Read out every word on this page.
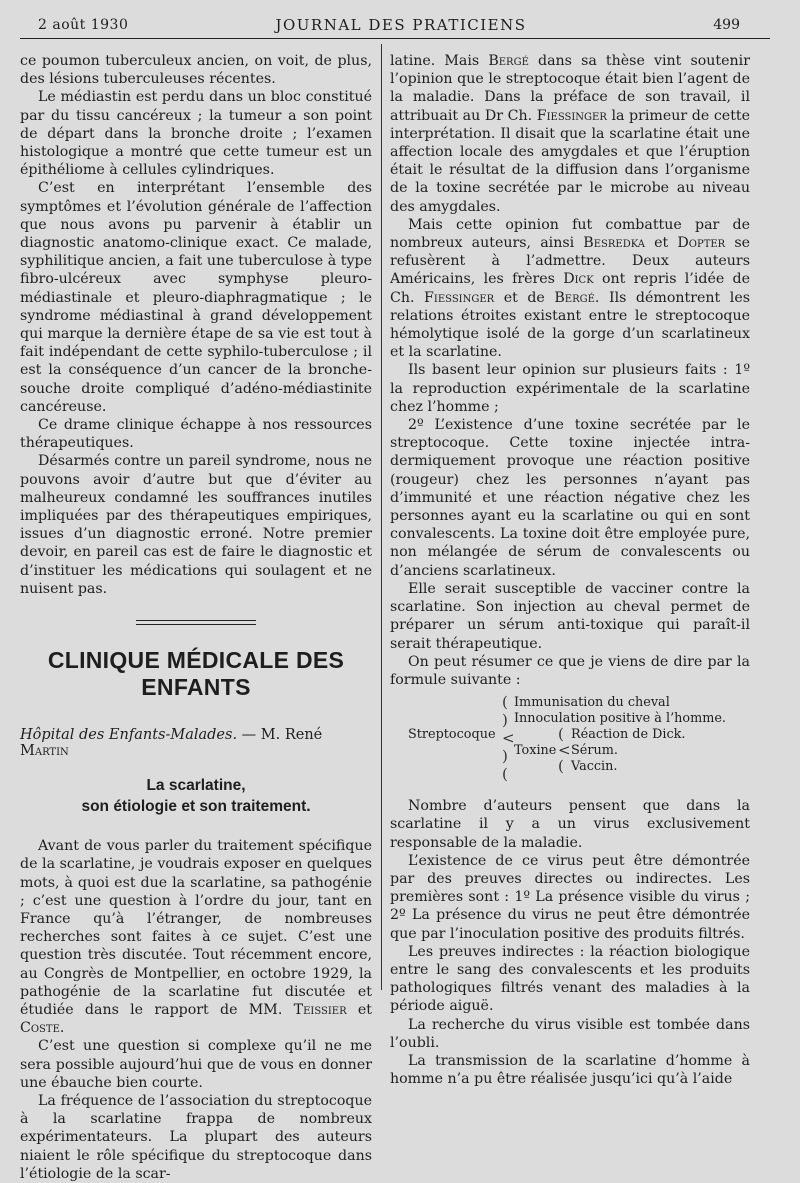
2 août 1930	JOURNAL DES PRATICIENS	499

ce poumon tuberculeux ancien, on voit, de plus, des lésions tuberculeuses récentes.

Le médiastin est perdu dans un bloc constitué par du tissu cancéreux ; la tumeur a son point de départ dans la bronche droite ; l’examen histologique a montré que cette tumeur est un épithéliome à cellules cylindriques.

C’est en interprétant l’ensemble des symptômes et l’évolution générale de l’affection que nous avons pu parvenir à établir un diagnostic anatomo-clinique exact. Ce malade, syphilitique ancien, a fait une tuberculose à type fibro-ulcéreux avec symphyse pleuro-médiastinale et pleuro-diaphragmatique ; le syndrome médiastinal à grand développement qui marque la dernière étape de sa vie est tout à fait indépendant de cette syphilo-tuberculose ; il est la conséquence d’un cancer de la bronche-souche droite compliqué d’adéno-médiastinite cancéreuse.

Ce drame clinique échappe à nos ressources thérapeutiques.

Désarmés contre un pareil syndrome, nous ne pouvons avoir d’autre but que d’éviter au malheureux condamné les souffrances inutiles impliquées par des thérapeutiques empiriques, issues d’un diagnostic erroné. Notre premier devoir, en pareil cas est de faire le diagnostic et d’instituer les médications qui soulagent et ne nuisent pas.

CLINIQUE MÉDICALE DES ENFANTS
Hôpital des Enfants-Malades. — M. René Martin
La scarlatine,
son étiologie et son traitement.

Avant de vous parler du traitement spécifique de la scarlatine, je voudrais exposer en quelques mots, à quoi est due la scarlatine, sa pathogénie ; c’est une question à l’ordre du jour, tant en France qu’à l’étranger, de nombreuses recherches sont faites à ce sujet. C’est une question très discutée. Tout récemment encore, au Congrès de Montpellier, en octobre 1929, la pathogénie de la scarlatine fut discutée et étudiée dans le rapport de MM. Teissier et Coste.

C’est une question si complexe qu’il ne me sera possible aujourd’hui que de vous en donner une ébauche bien courte.

La fréquence de l’association du streptocoque à la scarlatine frappa de nombreux expérimentateurs. La plupart des auteurs niaient le rôle spécifique du streptocoque dans l’étiologie de la scar-

latine. Mais Bergé dans sa thèse vint soutenir l’opinion que le streptocoque était bien l’agent de la maladie. Dans la préface de son travail, il attribuait au Dr Ch. Fiessinger la primeur de cette interprétation. Il disait que la scarlatine était une affection locale des amygdales et que l’éruption était le résultat de la diffusion dans l’organisme de la toxine secrétée par le microbe au niveau des amygdales.

Mais cette opinion fut combattue par de nombreux auteurs, ainsi Besredka et Dopter se refusèrent à l’admettre. Deux auteurs Américains, les frères Dick ont repris l’idée de Ch. Fiessinger et de Bergé. Ils démontrent les relations étroites existant entre le streptocoque hémolytique isolé de la gorge d’un scarlatineux et la scarlatine.

Ils basent leur opinion sur plusieurs faits : 1º la reproduction expérimentale de la scarlatine chez l’homme ;

2º L’existence d’une toxine secrétée par le streptocoque. Cette toxine injectée intra-dermiquement provoque une réaction positive (rougeur) chez les personnes n’ayant pas d’immunité et une réaction négative chez les personnes ayant eu la scarlatine ou qui en sont convalescents. La toxine doit être employée pure, non mélangée de sérum de convalescents ou d’anciens scarlatineux.

Elle serait susceptible de vacciner contre la scarlatine. Son injection au cheval permet de préparer un sérum anti-toxique qui paraît-il serait thérapeutique.

On peut résumer ce que je viens de dire par la formule suivante :

Streptocoque
(
)
<
)
(
Immunisation du cheval
Innoculation positive à l’homme.
Toxine
(
<
(
Réaction de Dick.
Sérum.
Vaccin.

Nombre d’auteurs pensent que dans la scarlatine il y a un virus exclusivement responsable de la maladie.

L’existence de ce virus peut être démontrée par des preuves directes ou indirectes. Les premières sont : 1º La présence visible du virus ; 2º La présence du virus ne peut être démontrée que par l’inoculation positive des produits filtrés.

Les preuves indirectes : la réaction biologique entre le sang des convalescents et les produits pathologiques filtrés venant des maladies à la période aiguë.

La recherche du virus visible est tombée dans l’oubli.

La transmission de la scarlatine d’homme à homme n’a pu être réalisée jusqu’ici qu’à l’aide
